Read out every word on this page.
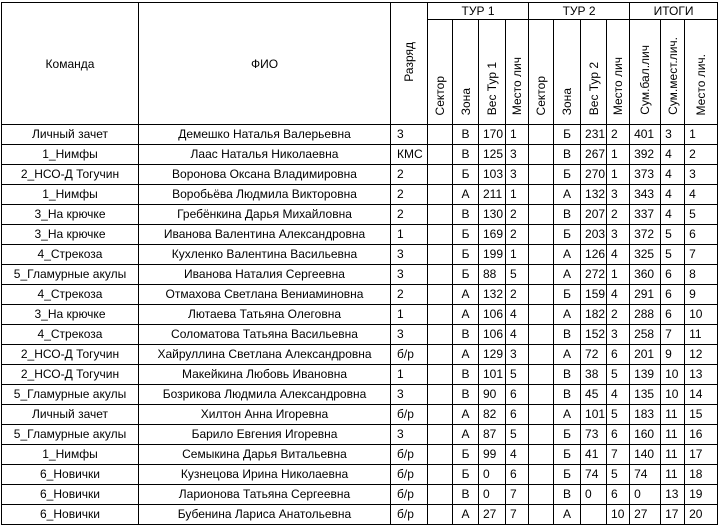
Команда	ФИО	Разряд	ТУР 1				ТУР 2				ИТОГИ		
			Сектор	Зона	Вес Тур 1	Место лич	Сектор	Зона	Вес Тур 2	Место лич	Сум.бал.лич	Сум.мест.лич.	Место лич.
Личный зачет	Демешко Наталья Валерьевна	3		В	170	1		Б	231	2	401	3	1
1_Нимфы	Лаас Наталья Николаевна	КМС		В	125	3		В	267	1	392	4	2
2_НСО-Д Тогучин	Воронова Оксана Владимировна	2		Б	103	3		Б	270	1	373	4	3
1_Нимфы	Воробьёва Людмила Викторовна	2		А	211	1		А	132	3	343	4	4
3_На крючке	Гребёнкина Дарья Михайловна	2		В	130	2		В	207	2	337	4	5
3_На крючке	Иванова Валентина Александровна	1		Б	169	2		Б	203	3	372	5	6
4_Стрекоза	Кухленко Валентина Васильевна	3		Б	199	1		А	126	4	325	5	7
5_Гламурные акулы	Иванова Наталия Сергеевна	3		Б	88	5		А	272	1	360	6	8
4_Стрекоза	Отмахова Светлана Вениаминовна	2		А	132	2		Б	159	4	291	6	9
3_На крючке	Лютаева Татьяна Олеговна	1		А	106	4		А	182	2	288	6	10
4_Стрекоза	Соломатова Татьяна Васильевна	3		В	106	4		В	152	3	258	7	11
2_НСО-Д Тогучин	Хайруллина Светлана Александровна	б/р		А	129	3		А	72	6	201	9	12
2_НСО-Д Тогучин	Макейкина Любовь Ивановна	1		В	101	5		В	38	5	139	10	13
5_Гламурные акулы	Бозрикова Людмила Александровна	3		В	90	6		В	45	4	135	10	14
Личный зачет	Хилтон Анна Игоревна	б/р		А	82	6		А	101	5	183	11	15
5_Гламурные акулы	Барило Евгения Игоревна	3		А	87	5		Б	73	6	160	11	16
1_Нимфы	Семыкина Дарья Витальевна	б/р		Б	99	4		Б	41	7	140	11	17
6_Новички	Кузнецова Ирина Николаевна	б/р		Б	0	6		Б	74	5	74	11	18
6_Новички	Ларионова Татьяна Сергеевна	б/р		В	0	7		В	0	6	0	13	19
6_Новички	Бубенина Лариса Анатольевна	б/р		А	27	7		А		10	27	17	20
